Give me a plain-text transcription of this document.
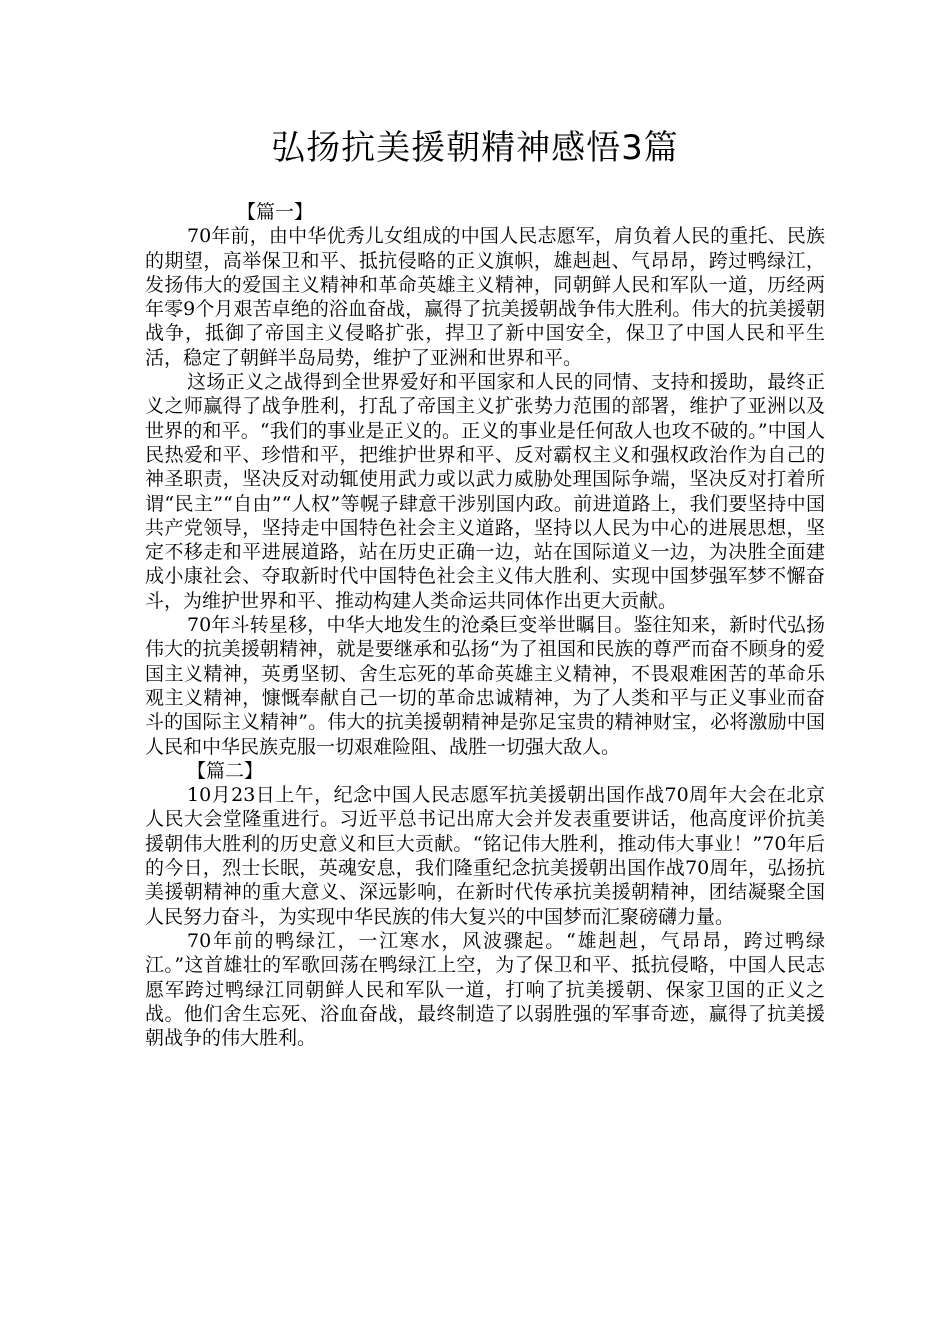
弘扬抗美援朝精神感悟3篇

【篇一】

70年前，由中华优秀儿女组成的中国人民志愿军，肩负着人民的重托、民族的期望，高举保卫和平、抵抗侵略的正义旗帜，雄赳赳、气昂昂，跨过鸭绿江，发扬伟大的爱国主义精神和革命英雄主义精神，同朝鲜人民和军队一道，历经两年零9个月艰苦卓绝的浴血奋战，赢得了抗美援朝战争伟大胜利。伟大的抗美援朝战争，抵御了帝国主义侵略扩张，捍卫了新中国安全，保卫了中国人民和平生活，稳定了朝鲜半岛局势，维护了亚洲和世界和平。

这场正义之战得到全世界爱好和平国家和人民的同情、支持和援助，最终正义之师赢得了战争胜利，打乱了帝国主义扩张势力范围的部署，维护了亚洲以及世界的和平。“我们的事业是正义的。正义的事业是任何敌人也攻不破的。”中国人民热爱和平、珍惜和平，把维护世界和平、反对霸权主义和强权政治作为自己的神圣职责，坚决反对动辄使用武力或以武力威胁处理国际争端，坚决反对打着所谓“民主”“自由”“人权”等幌子肆意干涉别国内政。前进道路上，我们要坚持中国共产党领导，坚持走中国特色社会主义道路，坚持以人民为中心的进展思想，坚定不移走和平进展道路，站在历史正确一边，站在国际道义一边，为决胜全面建成小康社会、夺取新时代中国特色社会主义伟大胜利、实现中国梦强军梦不懈奋斗，为维护世界和平、推动构建人类命运共同体作出更大贡献。

70年斗转星移，中华大地发生的沧桑巨变举世瞩目。鉴往知来，新时代弘扬伟大的抗美援朝精神，就是要继承和弘扬“为了祖国和民族的尊严而奋不顾身的爱国主义精神，英勇坚韧、舍生忘死的革命英雄主义精神，不畏艰难困苦的革命乐观主义精神，慷慨奉献自己一切的革命忠诚精神，为了人类和平与正义事业而奋斗的国际主义精神”。伟大的抗美援朝精神是弥足宝贵的精神财宝，必将激励中国人民和中华民族克服一切艰难险阻、战胜一切强大敌人。

【篇二】

10月23日上午，纪念中国人民志愿军抗美援朝出国作战70周年大会在北京人民大会堂隆重进行。习近平总书记出席大会并发表重要讲话，他高度评价抗美援朝伟大胜利的历史意义和巨大贡献。“铭记伟大胜利，推动伟大事业！”70年后的今日，烈士长眠，英魂安息，我们隆重纪念抗美援朝出国作战70周年，弘扬抗美援朝精神的重大意义、深远影响，在新时代传承抗美援朝精神，团结凝聚全国人民努力奋斗，为实现中华民族的伟大复兴的中国梦而汇聚磅礴力量。

70年前的鸭绿江，一江寒水，风波骤起。“雄赳赳，气昂昂，跨过鸭绿江。”这首雄壮的军歌回荡在鸭绿江上空，为了保卫和平、抵抗侵略，中国人民志愿军跨过鸭绿江同朝鲜人民和军队一道，打响了抗美援朝、保家卫国的正义之战。他们舍生忘死、浴血奋战，最终制造了以弱胜强的军事奇迹，赢得了抗美援朝战争的伟大胜利。
